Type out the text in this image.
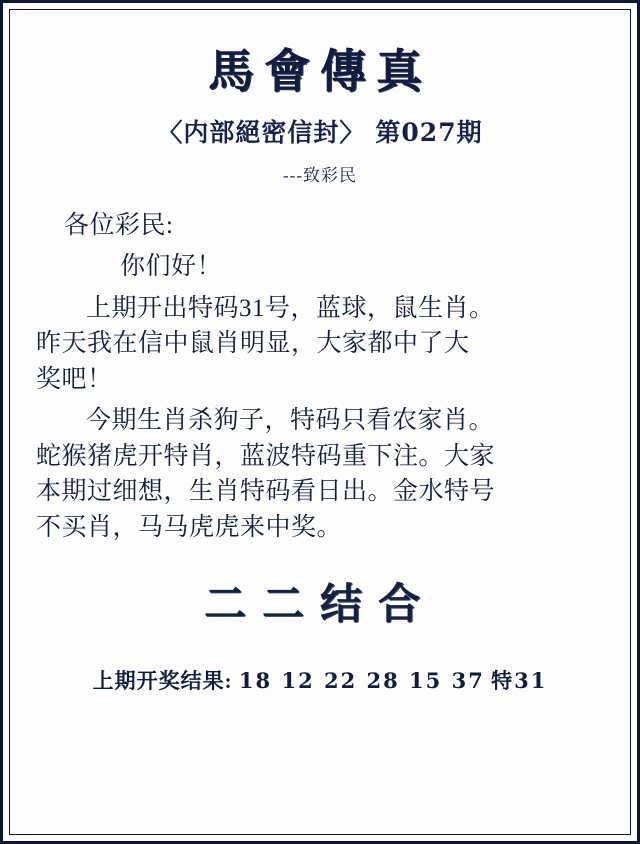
馬會傳真
〈内部絕密信封〉 第027期
---致彩民
各位彩民:
你们好！
上期开出特码31号，蓝球，鼠生肖。
昨天我在信中鼠肖明显，大家都中了大
奖吧！
今期生肖杀狗子，特码只看农家肖。
蛇猴猪虎开特肖，蓝波特码重下注。大家
本期过细想，生肖特码看日出。金水特号
不买肖，马马虎虎来中奖。
二二结合
上期开奖结果: 18 12 22 28 15 37 特31
